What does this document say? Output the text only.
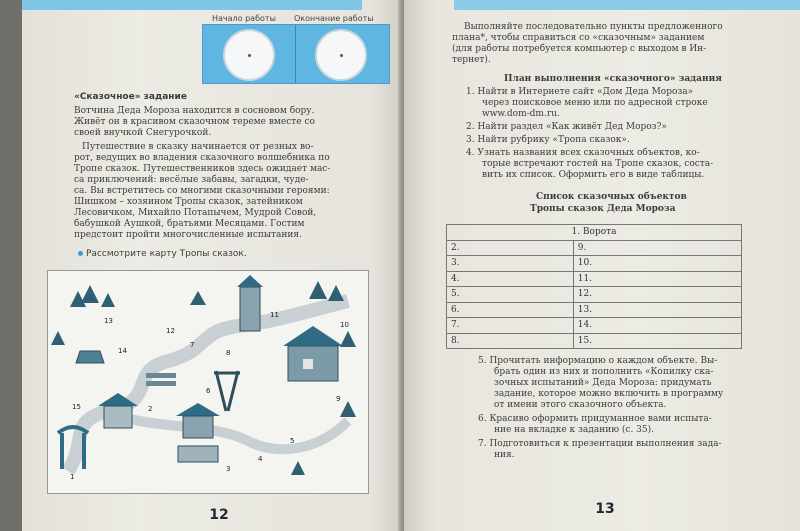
Начало работы Окончание работы
«Сказочное» задание
Вотчина Деда Мороза находится в сосновом бору.
Живёт он в красивом сказочном тереме вместе со
своей внучкой Снегурочкой.
Путешествие в сказку начинается от резных во-
рот, ведущих во владения сказочного волшебника по
Тропе сказок. Путешественников здесь ожидает мас-
са приключений: весёлые забавы, загадки, чуде-
са. Вы встретитесь со многими сказочными героями:
Шишком – хозяином Тропы сказок, затейником
Лесовичком, Михайло Потапычем, Мудрой Совой,
бабушкой Аушкой, братьями Месяцами. Гостим
предстоит пройти многочисленные испытания.
Рассмотрите карту Тропы сказок.
12
1
2
3
4
5
6
7
8
9
10
11
12
13
14
15
Выполняйте последовательно пункты предложенного
плана*, чтобы справиться со «сказочным» заданием
(для работы потребуется компьютер с выходом в Ин-
тернет).
План выполнения «сказочного» задания
1. Найти в Интернете сайт «Дом Деда Мороза»
через поисковое меню или по адресной строке
www.dom-dm.ru.
2. Найти раздел «Как живёт Дед Мороз?»
3. Найти рубрику «Тропа сказок».
4. Узнать названия всех сказочных объектов, ко-
торые встречают гостей на Тропе сказок, соста-
вить их список. Оформить его в виде таблицы.
Список сказочных объектов
Тропы сказок Деда Мороза
1. Ворота	
2.	9.
3.	10.
4.	11.
5.	12.
6.	13.
7.	14.
8.	15.
5. Прочитать информацию о каждом объекте. Вы-
брать один из них и пополнить «Копилку ска-
зочных испытаний» Деда Мороза: придумать
задание, которое можно включить в программу
от имени этого сказочного объекта.
6. Красиво оформить придуманное вами испыта-
ние на вкладке к заданию (с. 35).
7. Подготовиться к презентации выполнения зада-
ния.
13
